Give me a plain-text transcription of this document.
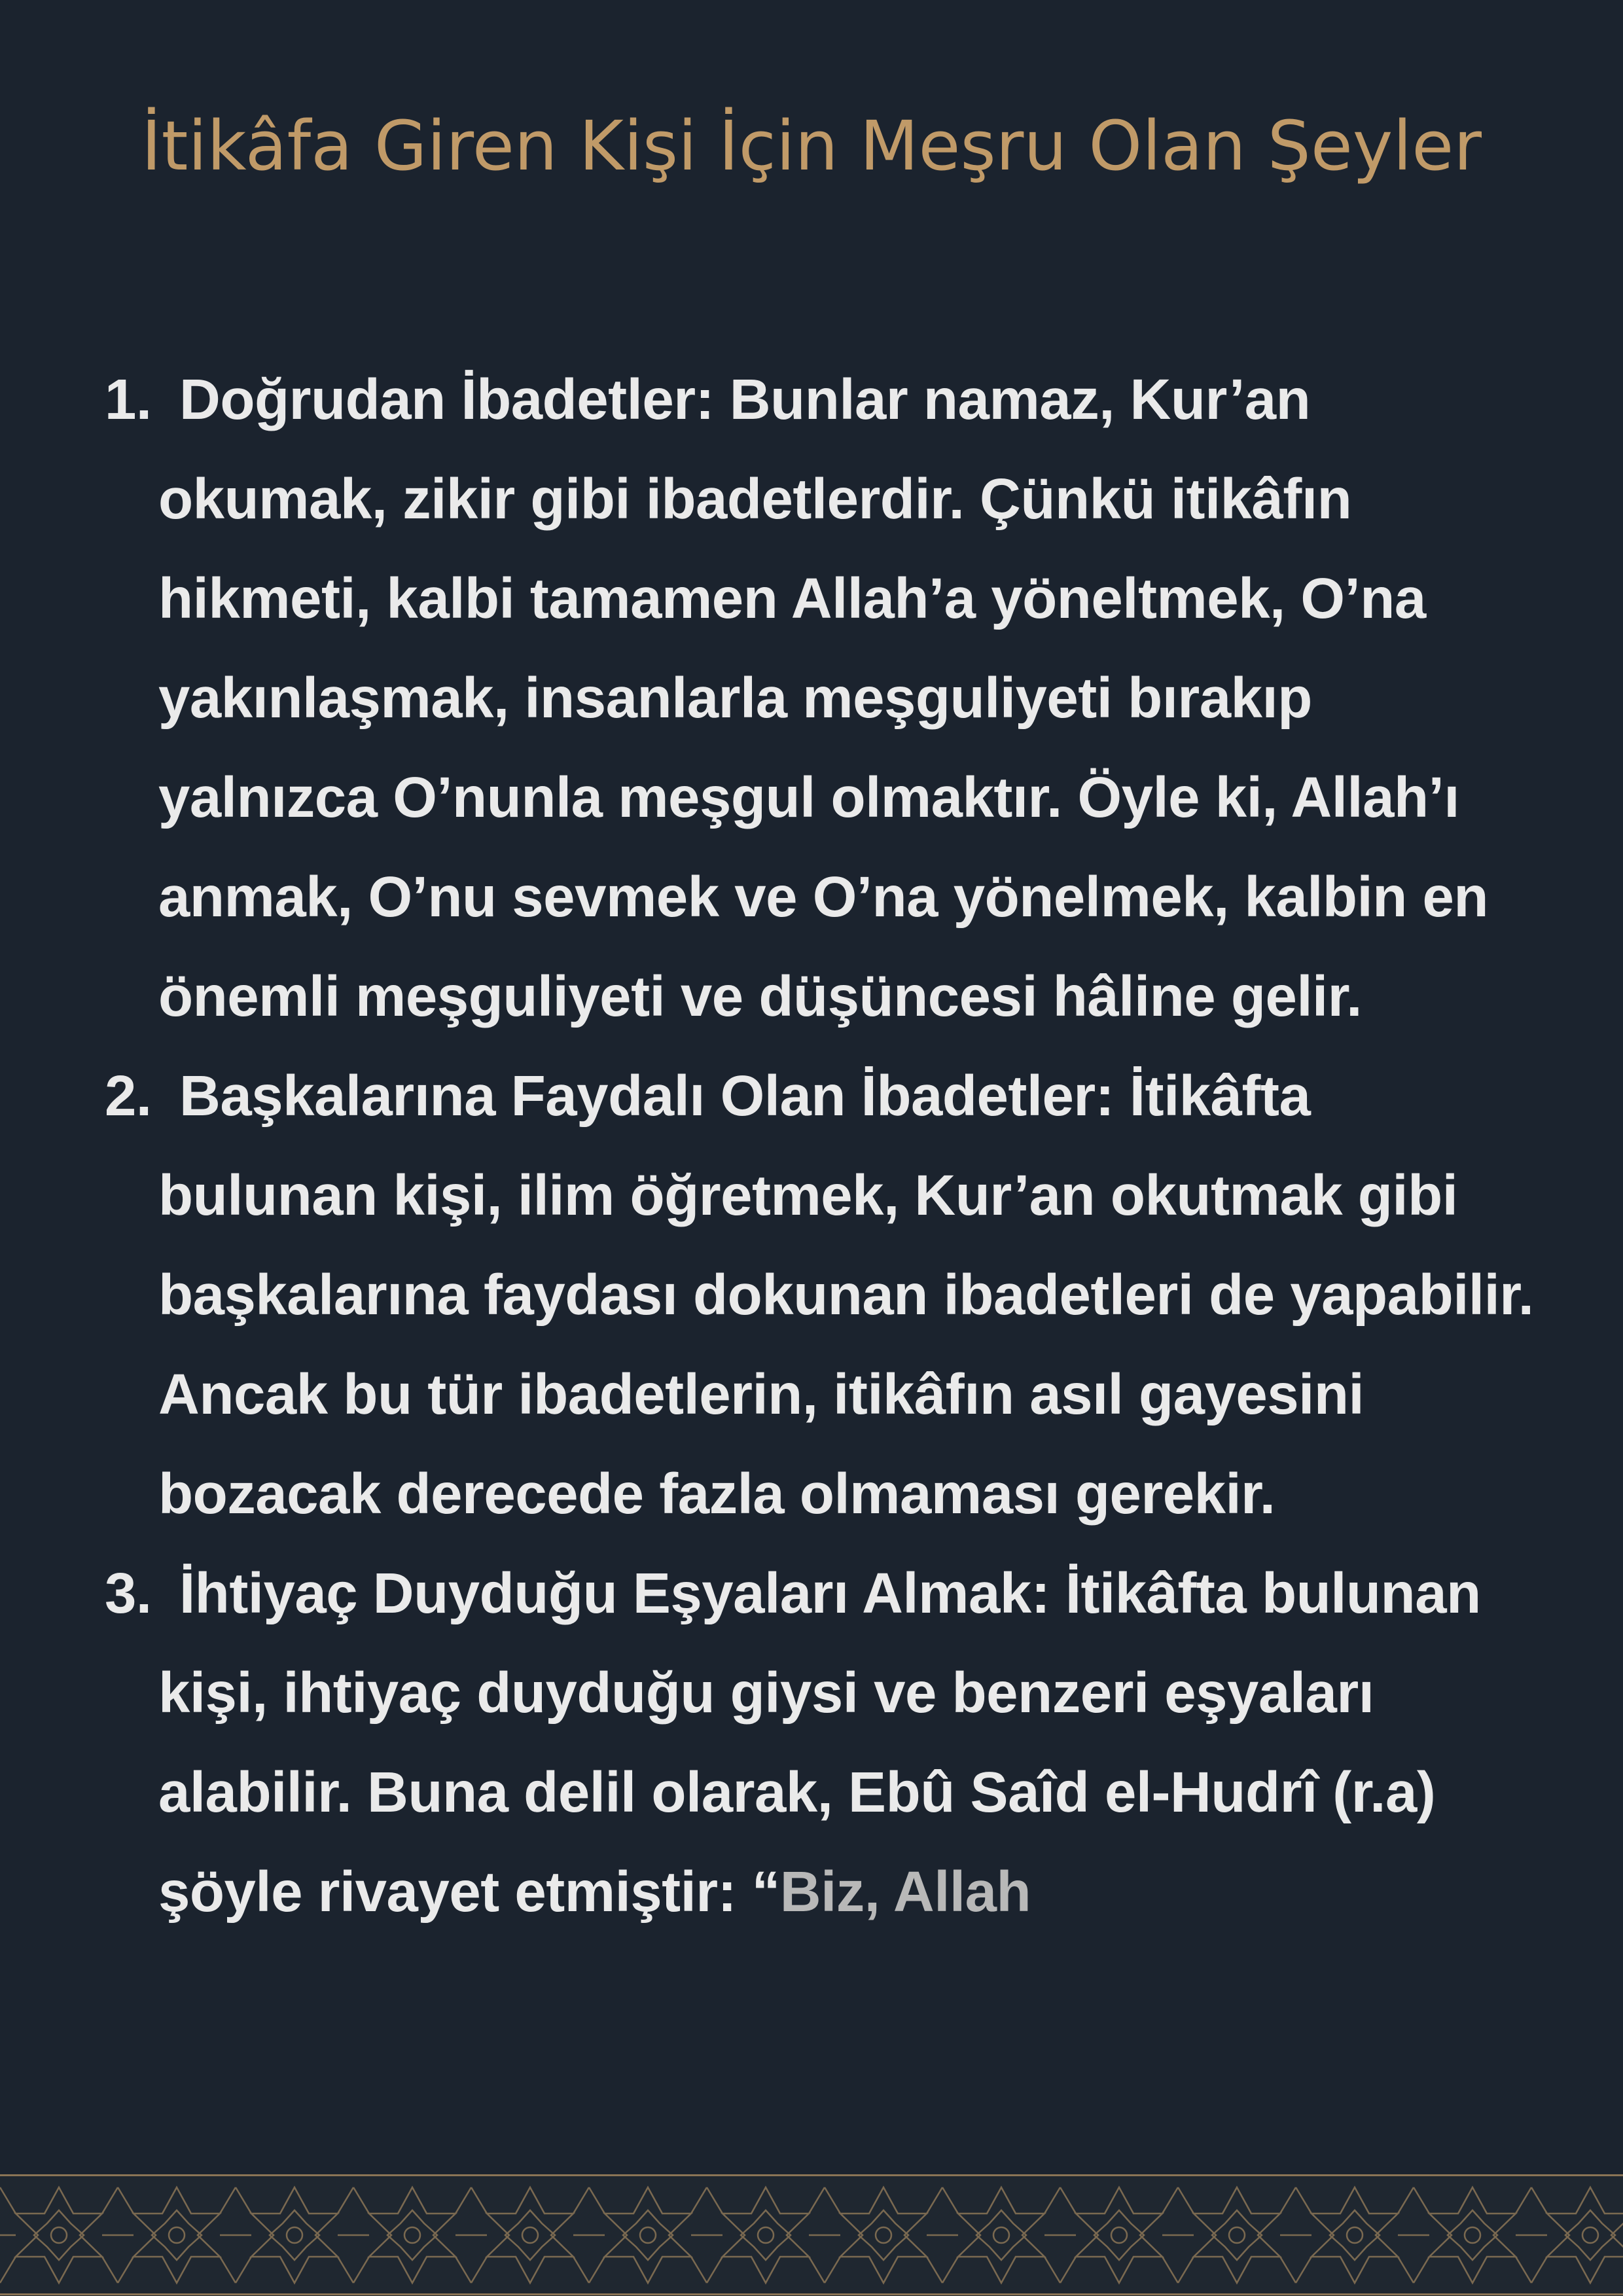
İtikâfa Giren Kişi İçin Meşru Olan Şeyler
1. Doğrudan İbadetler: Bunlar namaz, Kur’an okumak, zikir gibi ibadetlerdir. Çünkü itikâfın hikmeti, kalbi tamamen Allah’a yöneltmek, O’na yakınlaşmak, insanlarla meşguliyeti bırakıp yalnızca O’nunla meşgul olmaktır. Öyle ki, Allah’ı anmak, O’nu sevmek ve O’na yönelmek, kalbin en önemli meşguliyeti ve düşüncesi hâline gelir.
2. Başkalarına Faydalı Olan İbadetler: İtikâfta bulunan kişi, ilim öğretmek, Kur’an okutmak gibi başkalarına faydası dokunan ibadetleri de yapabilir. Ancak bu tür ibadetlerin, itikâfın asıl gayesini bozacak derecede fazla olmaması gerekir.
3. İhtiyaç Duyduğu Eşyaları Almak: İtikâfta bulunan kişi, ihtiyaç duyduğu giysi ve benzeri eşyaları alabilir. Buna delil olarak, Ebû Saîd el-Hudrî (r.a) şöyle rivayet etmiştir: “Biz, Allah
